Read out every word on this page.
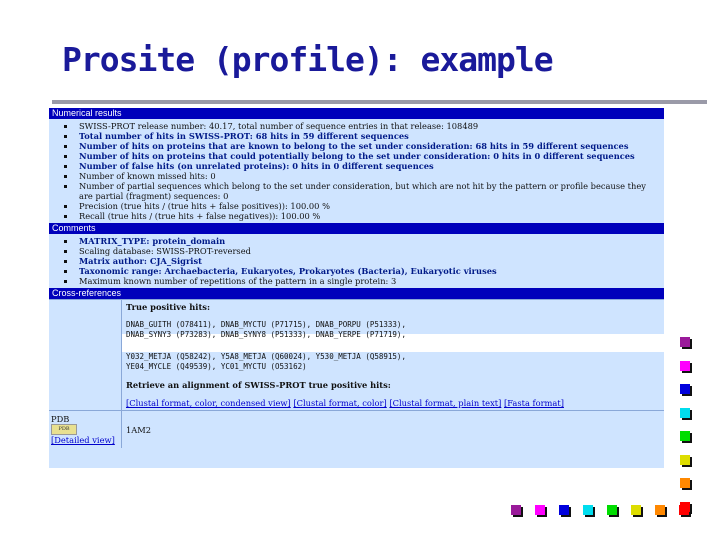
Prosite (profile): example
Numerical results
SWISS-PROT release number: 40.17, total number of sequence entries in that release: 108489
Total number of hits in SWISS-PROT: 68 hits in 59 different sequences
Number of hits on proteins that are known to belong to the set under consideration: 68 hits in 59 different sequences
Number of hits on proteins that could potentially belong to the set under consideration: 0 hits in 0 different sequences
Number of false hits (on unrelated proteins): 0 hits in 0 different sequences
Number of known missed hits: 0
Number of partial sequences which belong to the set under consideration, but which are not hit by the pattern or profile because they are partial (fragment) sequences: 0
Precision (true hits / (true hits + false positives)): 100.00 %
Recall (true hits / (true hits + false negatives)): 100.00 %
Comments
MATRIX_TYPE: protein_domain
Scaling database: SWISS-PROT-reversed
Matrix author: CJA_Sigrist
Taxonomic range: Archaebacteria, Eukaryotes, Prokaryotes (Bacteria), Eukaryotic viruses
Maximum known number of repetitions of the pattern in a single protein: 3
Cross-references
True positive hits:
DNAB_GUITH (O78411), DNAB_MYCTU (P71715), DNAB_PORPU (P51333),
Y032_METJA (Q58242), Y5A8_METJA (Q60024), Y530_METJA (Q58915),
YE04_MYCLE (Q49539), YC01_MYCTU (O53162)
Retrieve an alignment of SWISS-PROT true positive hits:
[Clustal format, color, condensed view] [Clustal format, color] [Clustal format, plain text] [Fasta format]
PDB
PDB
[Detailed view]
1AM2
